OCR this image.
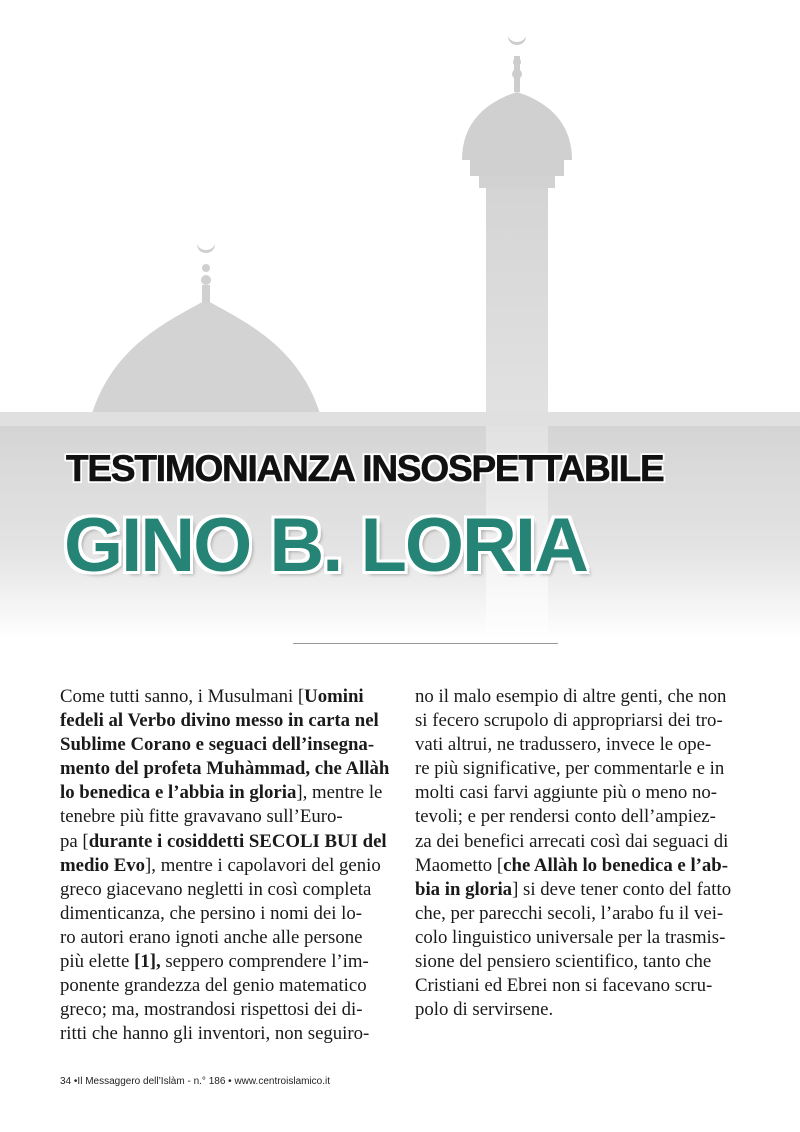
TESTIMONIANZA INSOSPETTABILE
GINO B. LORIA

Come tutti sanno, i Musulmani [Uomini
fedeli al Verbo divino messo in carta nel
Sublime Corano e seguaci dell’insegna-
mento del profeta Muhàmmad, che Allàh
lo benedica e l’abbia in gloria], mentre le
tenebre più fitte gravavano sull’Euro-
pa [durante i cosiddetti SECOLI BUI del
medio Evo], mentre i capolavori del genio
greco giacevano negletti in così completa
dimenticanza, che persino i nomi dei lo-
ro autori erano ignoti anche alle persone
più elette [1], seppero comprendere l’im-
ponente grandezza del genio matematico
greco; ma, mostrandosi rispettosi dei di-
ritti che hanno gli inventori, non seguiro-

no il malo esempio di altre genti, che non
si fecero scrupolo di appropriarsi dei tro-
vati altrui, ne tradussero, invece le ope-
re più significative, per commentarle e in
molti casi farvi aggiunte più o meno no-
tevoli; e per rendersi conto dell’ampiez-
za dei benefici arrecati così dai seguaci di
Maometto [che Allàh lo benedica e l’ab-
bia in gloria] si deve tener conto del fatto
che, per parecchi secoli, l’arabo fu il vei-
colo linguistico universale per la trasmis-
sione del pensiero scientifico, tanto che
Cristiani ed Ebrei non si facevano scru-
polo di servirsene.

34 •Il Messaggero dell’Islàm - n.° 186 • www.centroislamico.it
